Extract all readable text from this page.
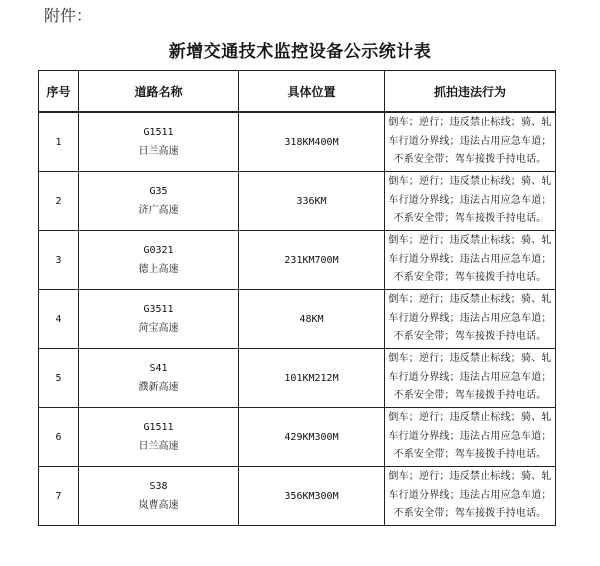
附件：
新增交通技术监控设备公示统计表
序号	道路名称	具体位置	抓拍违法行为
1	G1511
日兰高速	318KM400M	倒车；逆行；违反禁止标线；骑、轧
车行道分界线；违法占用应急车道；
不系安全带；驾车接拨手持电话。

2	G35
济广高速	336KM	倒车；逆行；违反禁止标线；骑、轧
车行道分界线；违法占用应急车道；
不系安全带；驾车接拨手持电话。

3	G0321
德上高速	231KM700M	倒车；逆行；违反禁止标线；骑、轧
车行道分界线；违法占用应急车道；
不系安全带；驾车接拨手持电话。

4	G3511
菏宝高速	48KM	倒车；逆行；违反禁止标线；骑、轧
车行道分界线；违法占用应急车道；
不系安全带；驾车接拨手持电话。

5	S41
濮新高速	101KM212M	倒车；逆行；违反禁止标线；骑、轧
车行道分界线；违法占用应急车道；
不系安全带；驾车接拨手持电话。

6	G1511
日兰高速	429KM300M	倒车；逆行；违反禁止标线；骑、轧
车行道分界线；违法占用应急车道；
不系安全带；驾车接拨手持电话。

7	S38
岚曹高速	356KM300M	倒车；逆行；违反禁止标线；骑、轧
车行道分界线；违法占用应急车道；
不系安全带；驾车接拨手持电话。
